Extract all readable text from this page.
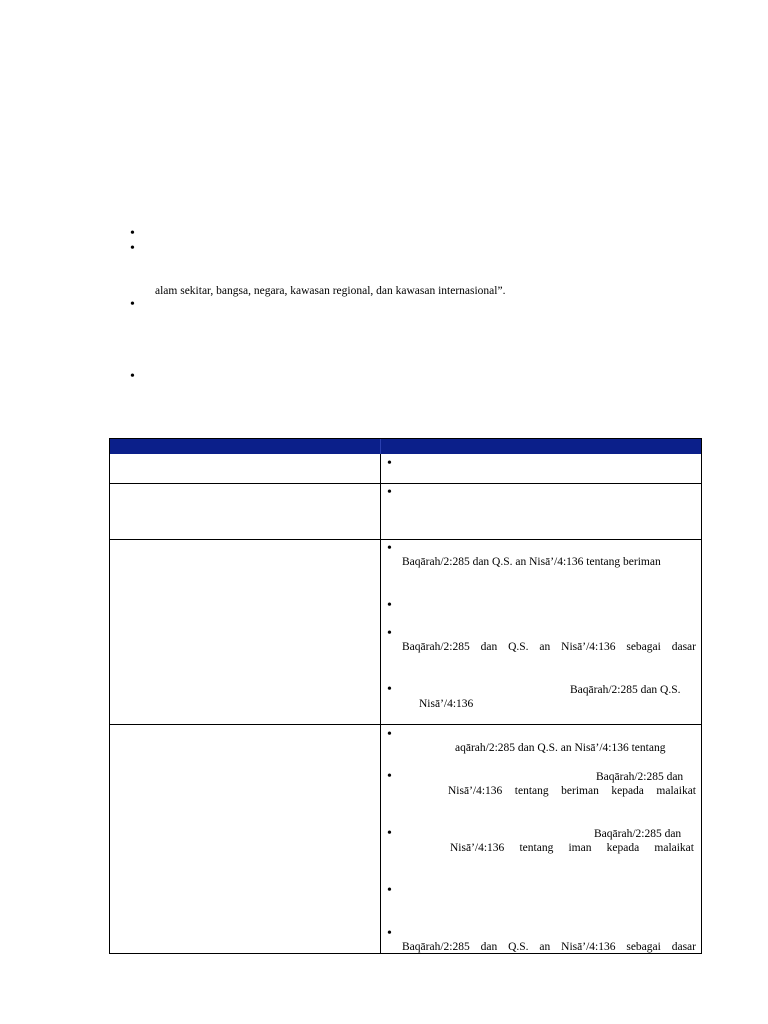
•
•
alam sekitar, bangsa, negara, kawasan regional, dan kawasan internasional”.
•
•
•
•
•
Baqārah/2:285 dan Q.S. an Nisā’/4:136 tentang beriman
•
•
Baqārah/2:285 dan Q.S. an Nisā’/4:136 sebagai dasar
•	Baqārah/2:285 dan Q.S.
Nisā’/4:136
•
aqārah/2:285 dan Q.S. an Nisā’/4:136 tentang
•	Baqārah/2:285 dan
Nisā’/4:136 tentang beriman kepada malaikat
•	Baqārah/2:285 dan
Nisā’/4:136 tentang iman kepada malaikat
•
•
Baqārah/2:285 dan Q.S. an Nisā’/4:136 sebagai dasar
